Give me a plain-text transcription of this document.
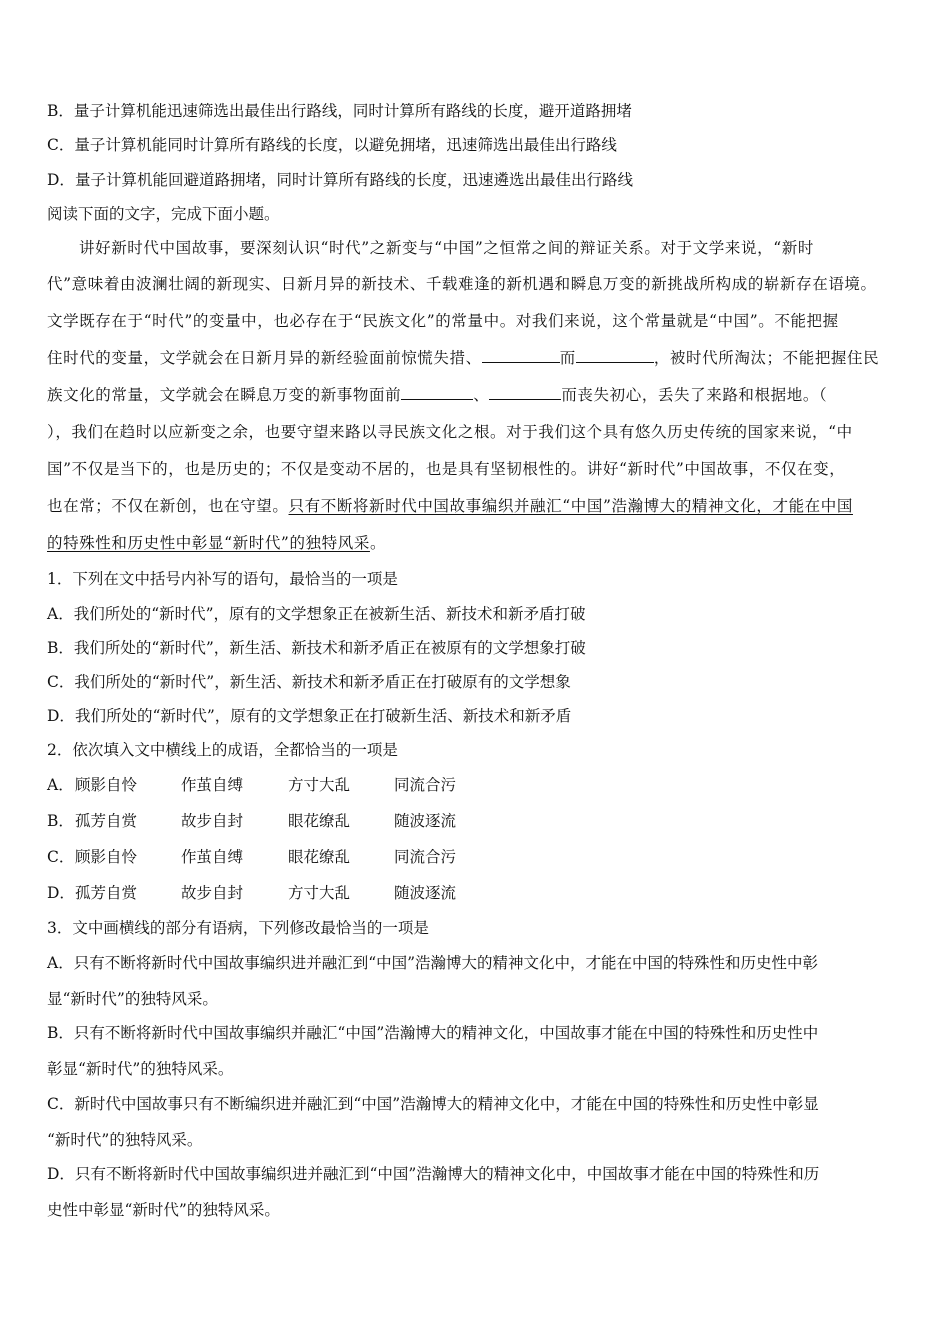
B．量子计算机能迅速筛选出最佳出行路线，同时计算所有路线的长度，避开道路拥堵
C．量子计算机能同时计算所有路线的长度，以避免拥堵，迅速筛选出最佳出行路线
D．量子计算机能回避道路拥堵，同时计算所有路线的长度，迅速遴选出最佳出行路线
阅读下面的文字，完成下面小题。
讲好新时代中国故事，要深刻认识“时代”之新变与“中国”之恒常之间的辩证关系。对于文学来说，“新时
代”意味着由波澜壮阔的新现实、日新月异的新技术、千载难逢的新机遇和瞬息万变的新挑战所构成的崭新存在语境。
文学既存在于“时代”的变量中，也必存在于“民族文化”的常量中。对我们来说，这个常量就是“中国”。不能把握
住时代的变量，文学就会在日新月异的新经验面前惊慌失措、	而	，被时代所淘汰；不能把握住民
族文化的常量，文学就会在瞬息万变的新事物面前	、	而丧失初心，丢失了来路和根据地。（
），我们在趋时以应新变之余，也要守望来路以寻民族文化之根。对于我们这个具有悠久历史传统的国家来说，“中
国”不仅是当下的，也是历史的；不仅是变动不居的，也是具有坚韧根性的。讲好“新时代”中国故事，不仅在变，
也在常；不仅在新创，也在守望。只有不断将新时代中国故事编织并融汇“中国”浩瀚博大的精神文化，才能在中国
的特殊性和历史性中彰显“新时代”的独特风采。
1．下列在文中括号内补写的语句，最恰当的一项是
A．我们所处的“新时代”，原有的文学想象正在被新生活、新技术和新矛盾打破
B．我们所处的“新时代”，新生活、新技术和新矛盾正在被原有的文学想象打破
C．我们所处的“新时代”，新生活、新技术和新矛盾正在打破原有的文学想象
D．我们所处的“新时代”，原有的文学想象正在打破新生活、新技术和新矛盾
2．依次填入文中横线上的成语，全都恰当的一项是
A． 顾影自怜	作茧自缚	方寸大乱	同流合污
B． 孤芳自赏	故步自封	眼花缭乱	随波逐流
C． 顾影自怜	作茧自缚	眼花缭乱	同流合污
D． 孤芳自赏	故步自封	方寸大乱	随波逐流
3．文中画横线的部分有语病，下列修改最恰当的一项是
A．只有不断将新时代中国故事编织进并融汇到“中国”浩瀚博大的精神文化中，才能在中国的特殊性和历史性中彰
显“新时代”的独特风采。
B．只有不断将新时代中国故事编织并融汇“中国”浩瀚博大的精神文化，中国故事才能在中国的特殊性和历史性中
彰显“新时代”的独特风采。
C．新时代中国故事只有不断编织进并融汇到“中国”浩瀚博大的精神文化中，才能在中国的特殊性和历史性中彰显
“新时代”的独特风采。
D．只有不断将新时代中国故事编织进并融汇到“中国”浩瀚博大的精神文化中，中国故事才能在中国的特殊性和历
史性中彰显“新时代”的独特风采。
